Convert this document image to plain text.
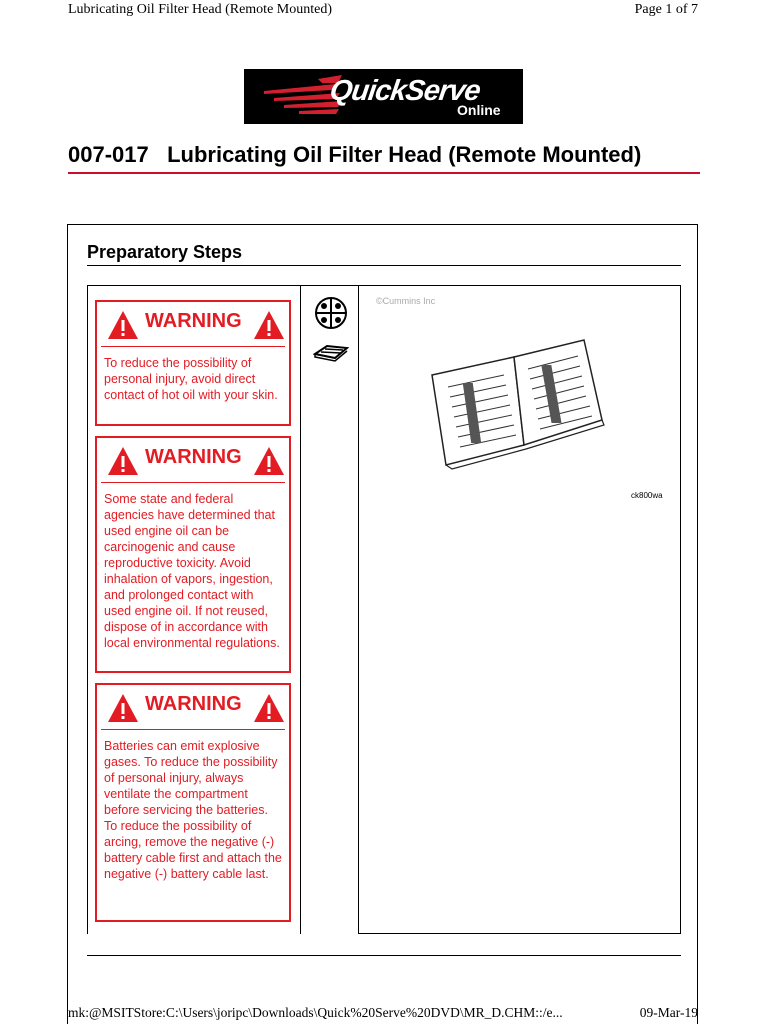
Lubricating Oil Filter Head (Remote Mounted)	Page 1 of 7
QuickServe
Online
007-017   Lubricating Oil Filter Head (Remote Mounted)
Preparatory Steps
WARNING
To reduce the possibility of personal injury, avoid direct contact of hot oil with your skin.
WARNING
Some state and federal agencies have determined that used engine oil can be carcinogenic and cause reproductive toxicity. Avoid inhalation of vapors, ingestion, and prolonged contact with used engine oil. If not reused, dispose of in accordance with local environmental regulations.
WARNING
Batteries can emit explosive gases. To reduce the possibility of personal injury, always ventilate the compartment before servicing the batteries. To reduce the possibility of arcing, remove the negative (-) battery cable first and attach the negative (-) battery cable last.
©Cummins Inc
ck800wa
mk:@MSITStore:C:\Users\joripc\Downloads\Quick%20Serve%20DVD\MR_D.CHM::/e...	09-Mar-19
